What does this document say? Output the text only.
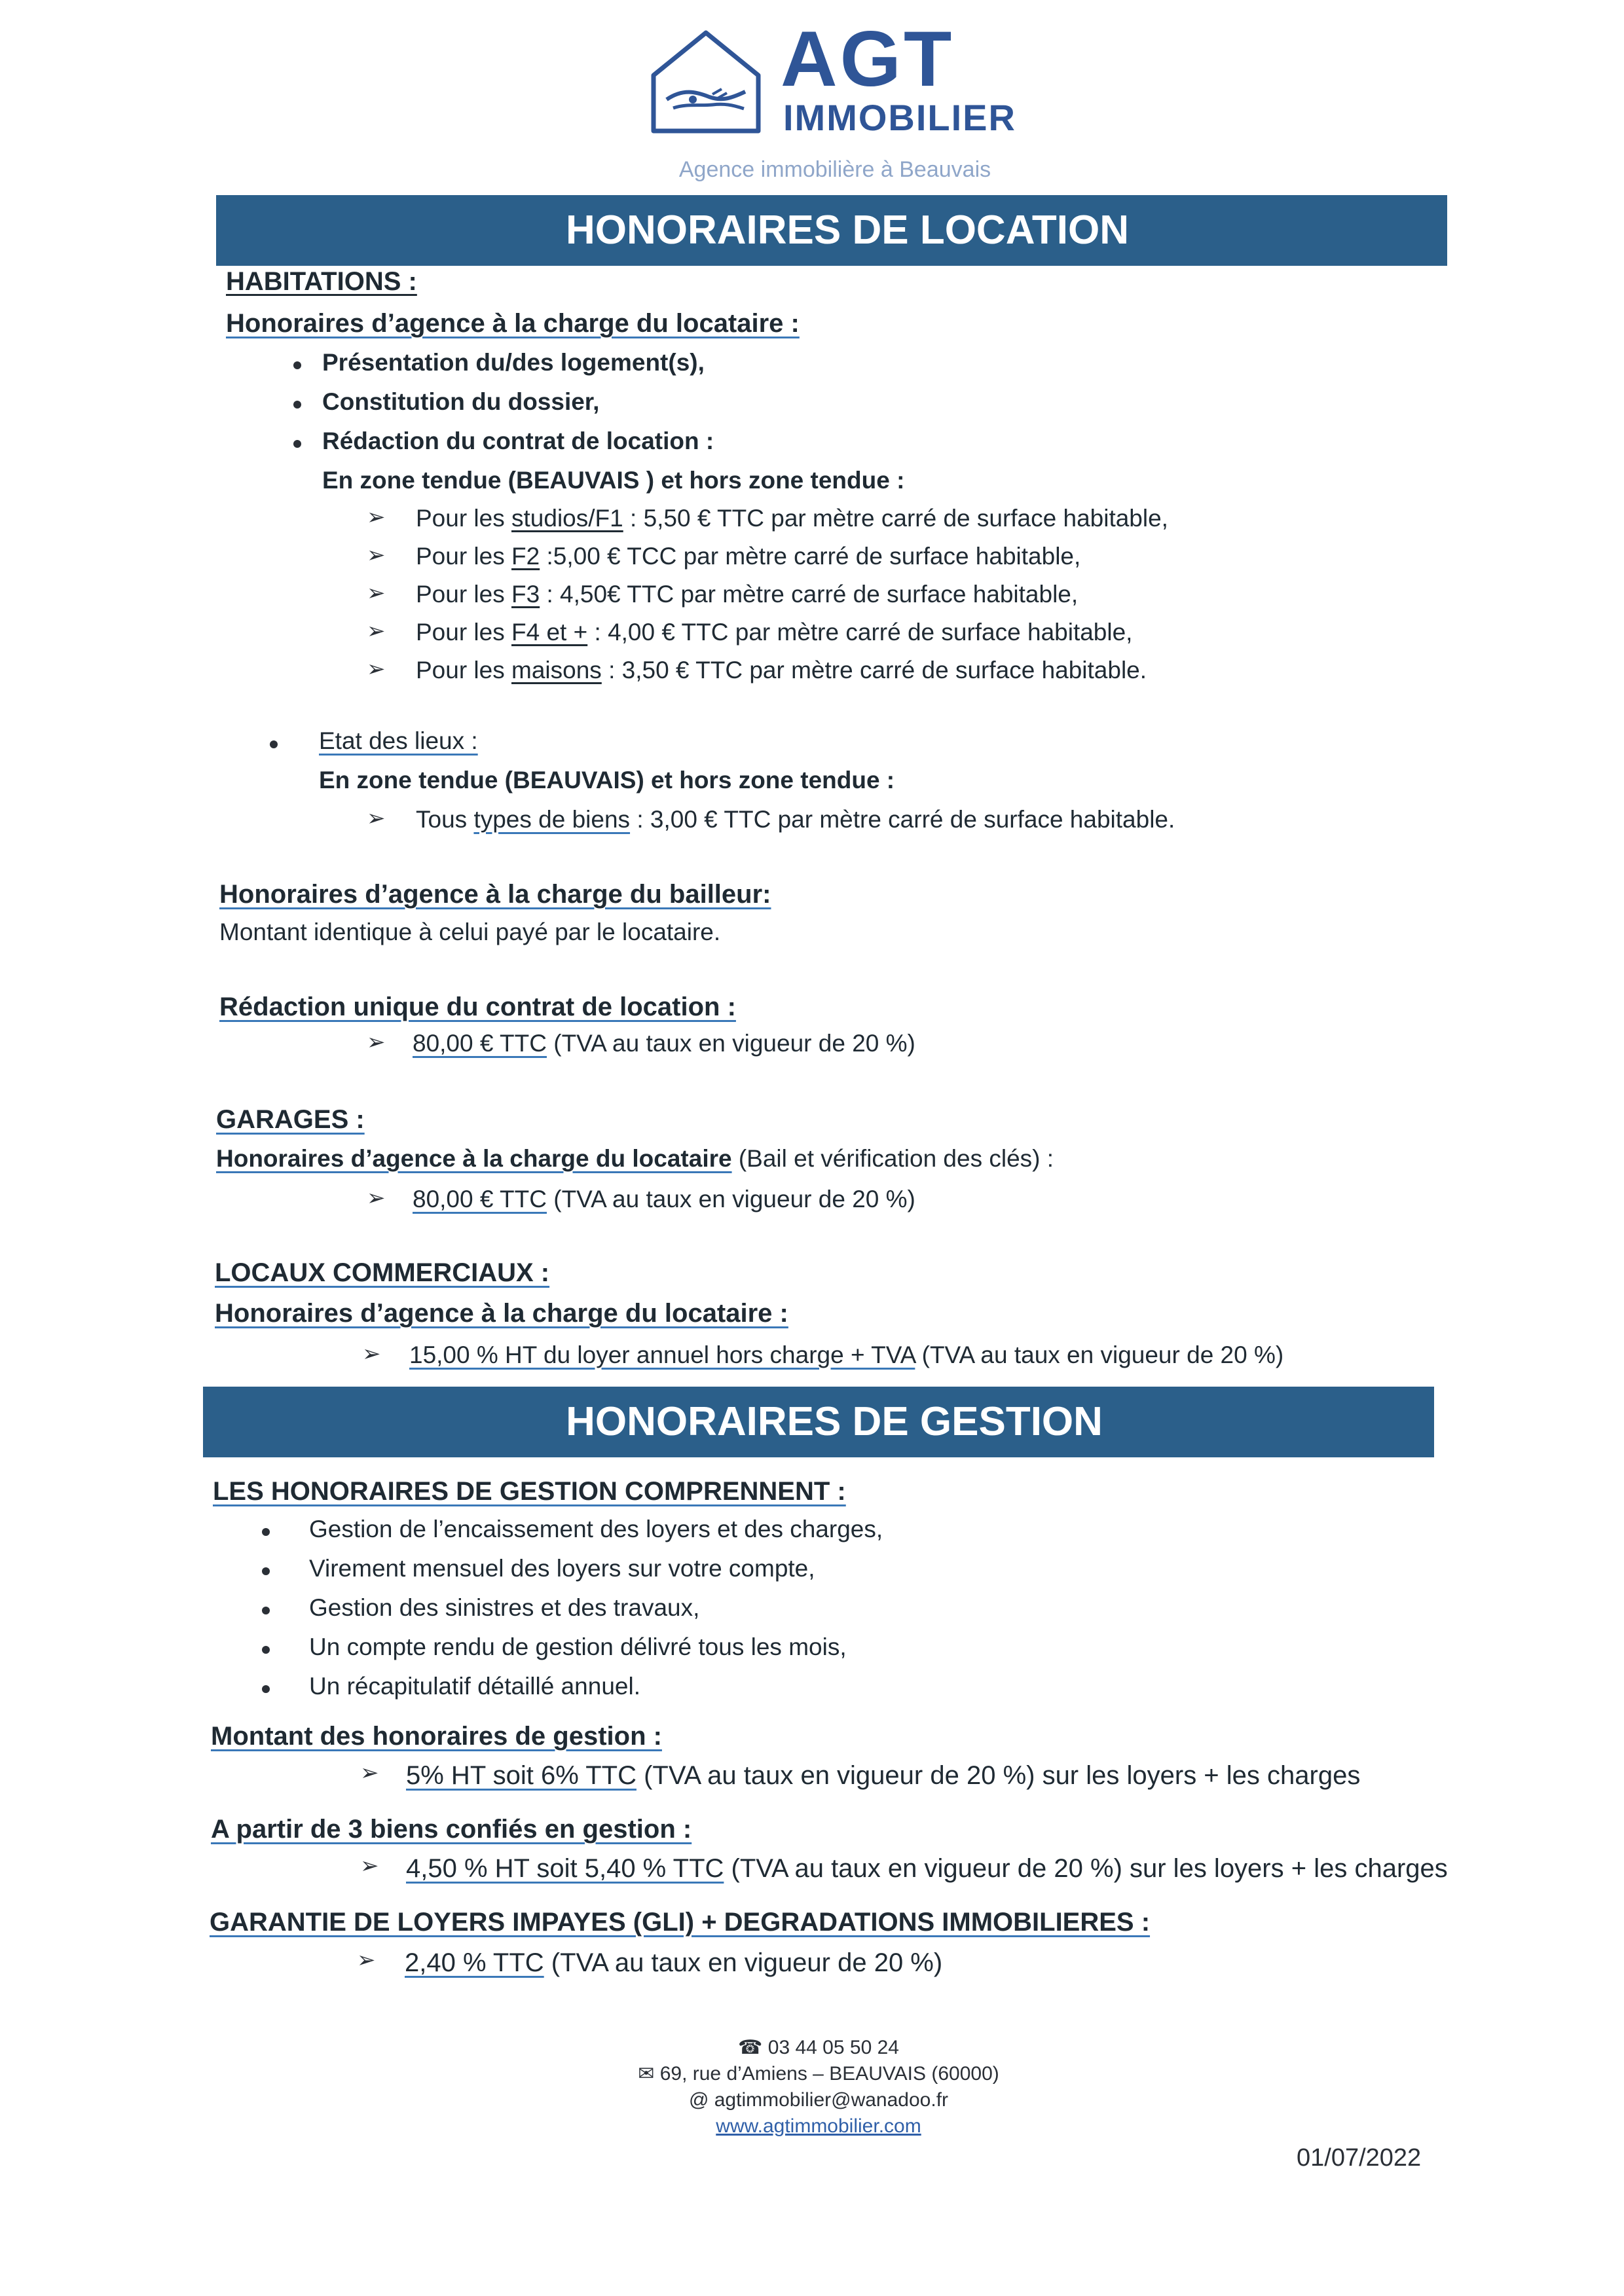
AGT
IMMOBILIER
Agence immobilière à Beauvais
HONORAIRES DE LOCATION
HABITATIONS :
Honoraires d’agence à la charge du locataire :
Présentation du/des logement(s),
Constitution du dossier,
Rédaction du contrat de location :
En zone tendue (BEAUVAIS ) et hors zone tendue :
➢ Pour les studios/F1 : 5,50 € TTC par mètre carré de surface habitable,
➢ Pour les F2 :5,00 € TCC par mètre carré de surface habitable,
➢ Pour les F3 : 4,50€ TTC par mètre carré de surface habitable,
➢ Pour les F4 et + : 4,00 € TTC par mètre carré de surface habitable,
➢ Pour les maisons : 3,50 € TTC par mètre carré de surface habitable.
Etat des lieux :
En zone tendue (BEAUVAIS) et hors zone tendue :
➢ Tous types de biens : 3,00 € TTC par mètre carré de surface habitable.
Honoraires d’agence à la charge du bailleur:
Montant identique à celui payé par le locataire.
Rédaction unique du contrat de location :
➢ 80,00 € TTC (TVA au taux en vigueur de 20 %)
GARAGES :
Honoraires d’agence à la charge du locataire (Bail et vérification des clés) :
➢ 80,00 € TTC (TVA au taux en vigueur de 20 %)
LOCAUX COMMERCIAUX :
Honoraires d’agence à la charge du locataire :
➢ 15,00 % HT du loyer annuel hors charge + TVA (TVA au taux en vigueur de 20 %)
HONORAIRES DE GESTION
LES HONORAIRES DE GESTION COMPRENNENT :
Gestion de l’encaissement des loyers et des charges,
Virement mensuel des loyers sur votre compte,
Gestion des sinistres et des travaux,
Un compte rendu de gestion délivré tous les mois,
Un récapitulatif détaillé annuel.
Montant des honoraires de gestion :
➢ 5% HT soit 6% TTC (TVA au taux en vigueur de 20 %) sur les loyers + les charges
A partir de 3 biens confiés en gestion :
➢ 4,50 % HT soit 5,40 % TTC (TVA au taux en vigueur de 20 %) sur les loyers + les charges
GARANTIE DE LOYERS IMPAYES (GLI) + DEGRADATIONS IMMOBILIERES :
➢ 2,40 % TTC (TVA au taux en vigueur de 20 %)
☎ 03 44 05 50 24
✉ 69, rue d’Amiens – BEAUVAIS (60000)
@ agtimmobilier@wanadoo.fr
www.agtimmobilier.com
01/07/2022
